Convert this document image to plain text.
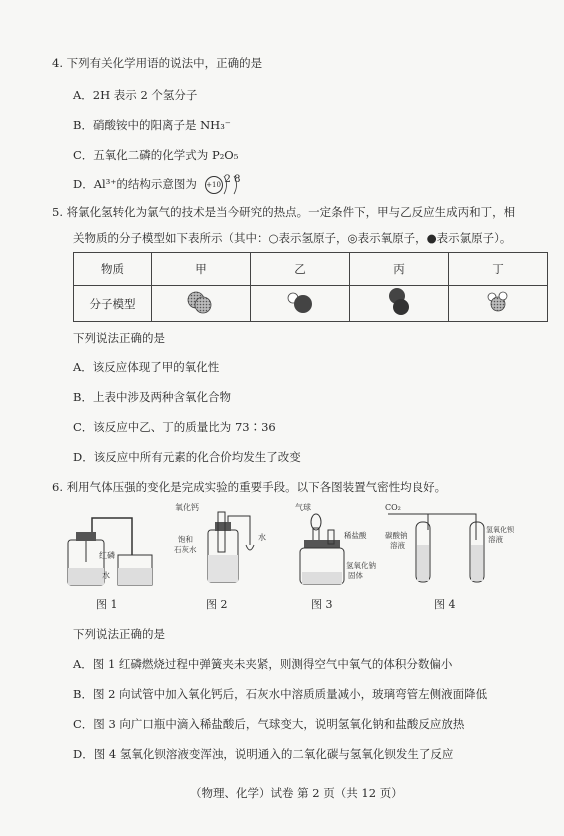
4. 下列有关化学用语的说法中，正确的是
A．2H 表示 2 个氢分子
B．硝酸铵中的阳离子是 NH₃⁻
C．五氧化二磷的化学式为 P₂O₅
D．Al³⁺的结构示意图为 +10 2 8
5. 将氯化氢转化为氯气的技术是当今研究的热点。一定条件下，甲与乙反应生成丙和丁，相
关物质的分子模型如下表所示（其中：○表示氢原子，◎表示氧原子，●表示氯原子）。
物质	甲	乙	丙	丁
分子模型				
下列说法正确的是
A．该反应体现了甲的氧化性
B．上表中涉及两种含氧化合物
C．该反应中乙、丁的质量比为 73∶36
D．该反应中所有元素的化合价均发生了改变
6. 利用气体压强的变化是完成实验的重要手段。以下各图装置气密性均良好。
红磷
水
图 1
氧化钙
饱和
石灰水
水
图 2
气球
稀盐酸
氢氧化钠
固体
图 3
CO₂
碳酸钠
溶液
氢氧化钡
溶液
图 4
下列说法正确的是
A．图 1 红磷燃烧过程中弹簧夹未夹紧，则测得空气中氧气的体积分数偏小
B．图 2 向试管中加入氧化钙后，石灰水中溶质质量减小，玻璃弯管左侧液面降低
C．图 3 向广口瓶中滴入稀盐酸后，气球变大，说明氢氧化钠和盐酸反应放热
D．图 4 氢氧化钡溶液变浑浊，说明通入的二氧化碳与氢氧化钡发生了反应
（物理、化学）试卷 第 2 页（共 12 页）
